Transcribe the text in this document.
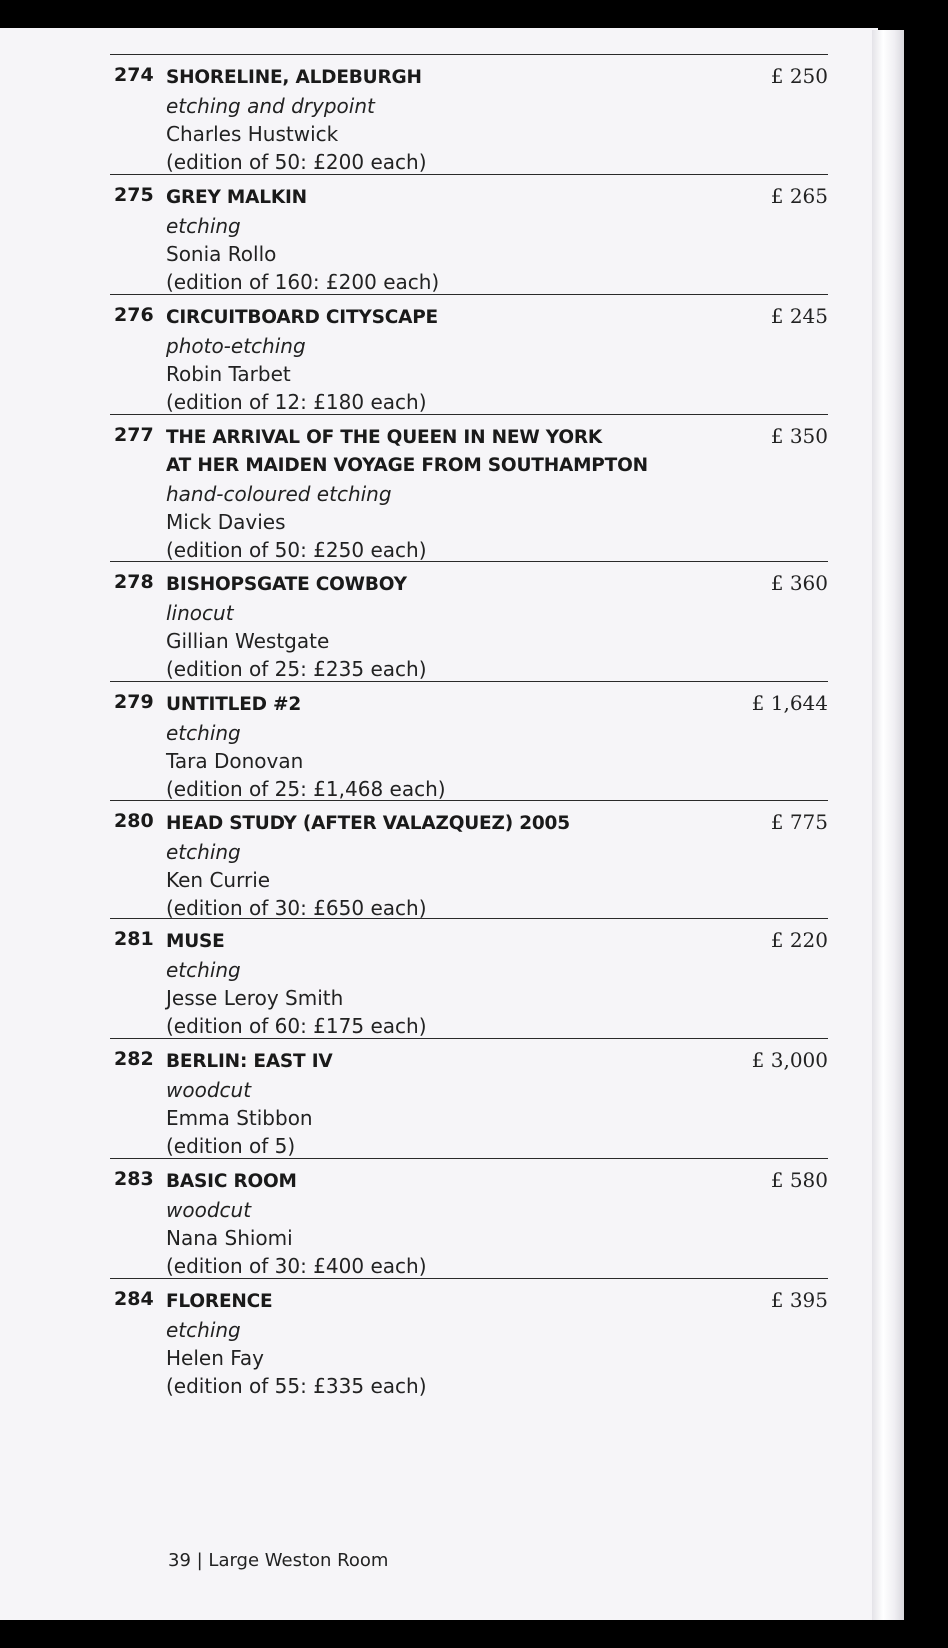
274 SHORELINE, ALDEBURGH
etching and drypoint
Charles Hustwick
(edition of 50: £200 each)
£ 250
275 GREY MALKIN
etching
Sonia Rollo
(edition of 160: £200 each)
£ 265
276 CIRCUITBOARD CITYSCAPE
photo-etching
Robin Tarbet
(edition of 12: £180 each)
£ 245
277 THE ARRIVAL OF THE QUEEN IN NEW YORK
AT HER MAIDEN VOYAGE FROM SOUTHAMPTON
hand-coloured etching
Mick Davies
(edition of 50: £250 each)
£ 350
278 BISHOPSGATE COWBOY
linocut
Gillian Westgate
(edition of 25: £235 each)
£ 360
279 UNTITLED #2
etching
Tara Donovan
(edition of 25: £1,468 each)
£ 1,644
280 HEAD STUDY (AFTER VALAZQUEZ) 2005
etching
Ken Currie
(edition of 30: £650 each)
£ 775
281 MUSE
etching
Jesse Leroy Smith
(edition of 60: £175 each)
£ 220
282 BERLIN: EAST IV
woodcut
Emma Stibbon
(edition of 5)
£ 3,000
283 BASIC ROOM
woodcut
Nana Shiomi
(edition of 30: £400 each)
£ 580
284 FLORENCE
etching
Helen Fay
(edition of 55: £335 each)
£ 395
39 | Large Weston Room
